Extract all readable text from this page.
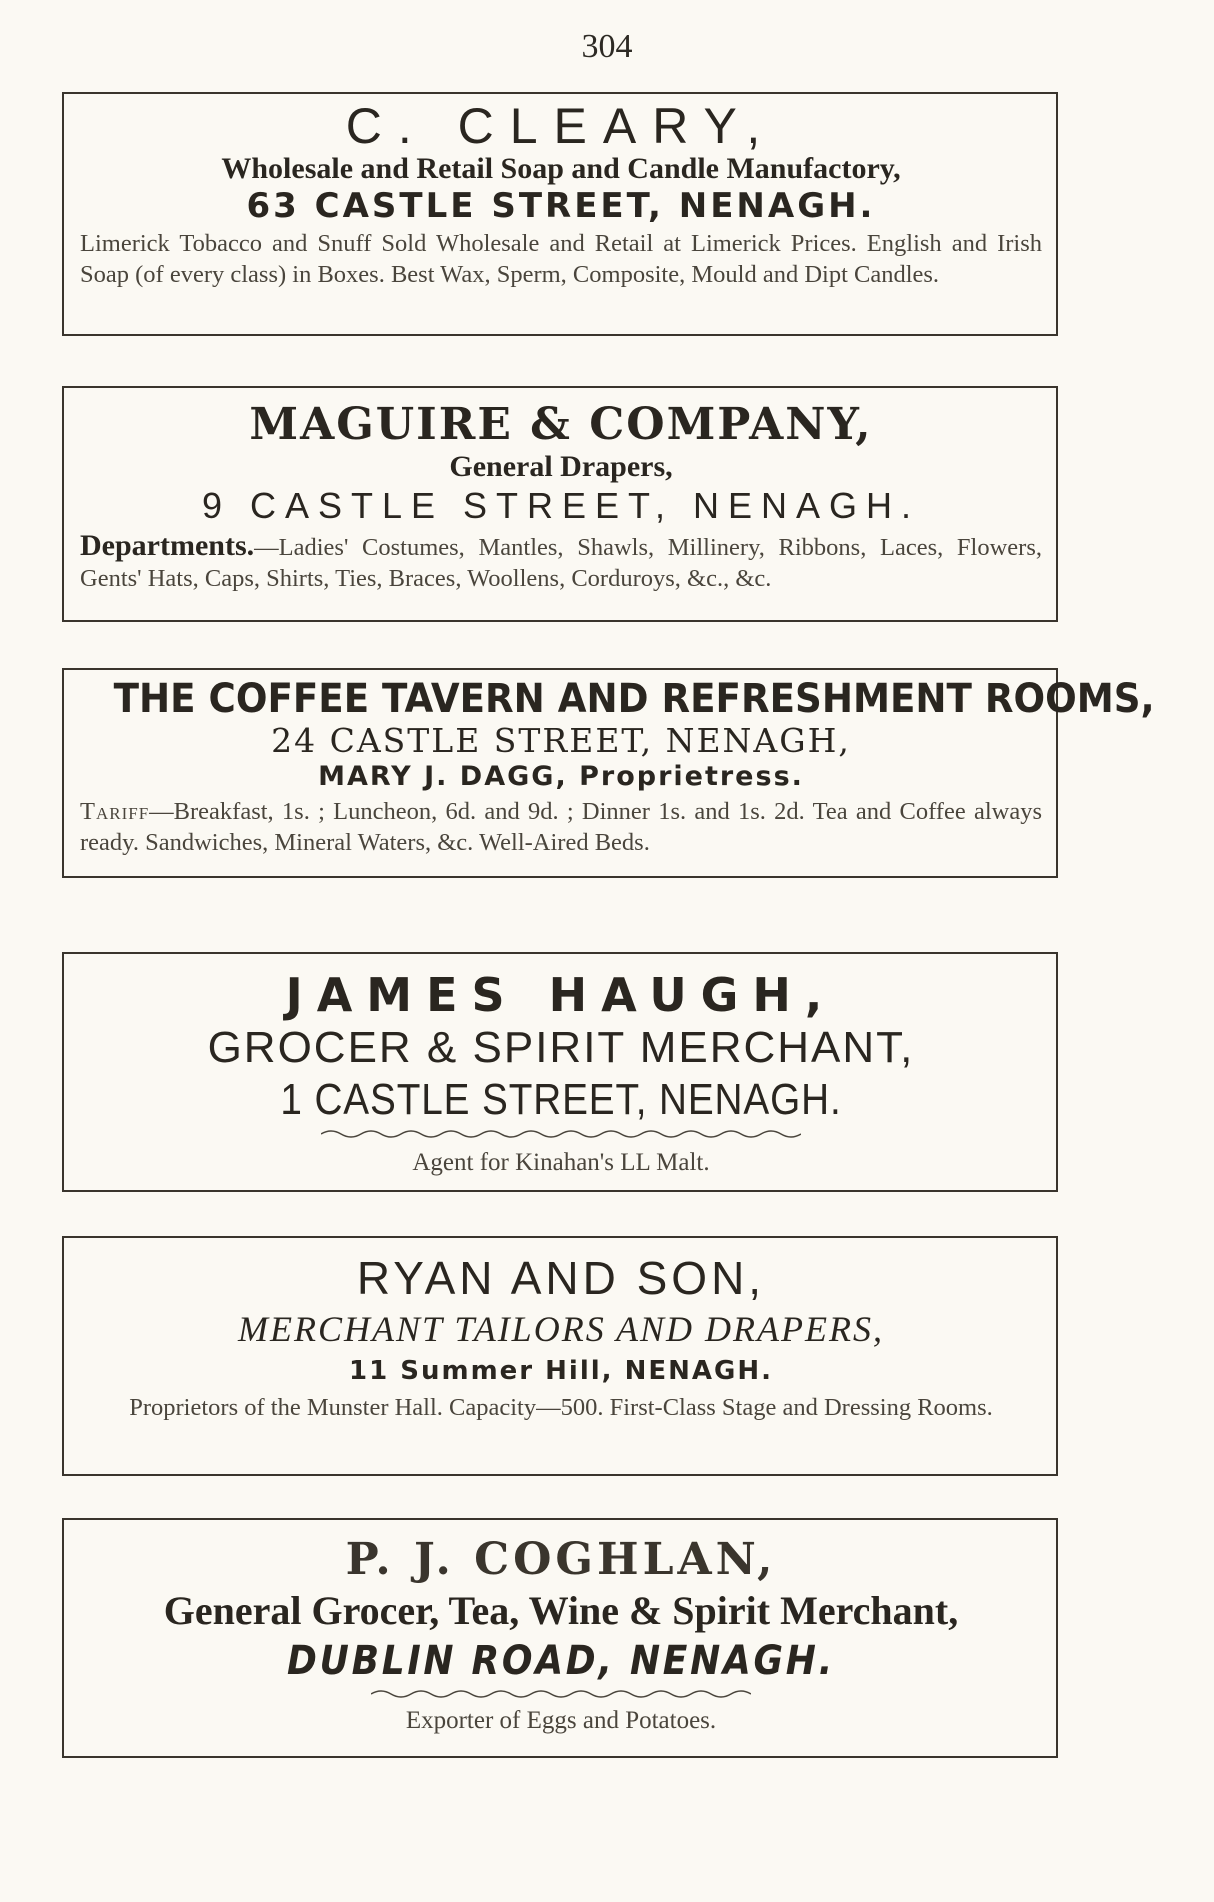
304
C. CLEARY,
Wholesale and Retail Soap and Candle Manufactory,
63 CASTLE STREET, NENAGH.
Limerick Tobacco and Snuff Sold Wholesale and Retail at Limerick Prices. English and Irish Soap (of every class) in Boxes. Best Wax, Sperm, Composite, Mould and Dipt Candles.
MAGUIRE & COMPANY,
General Drapers,
9 CASTLE STREET, NENAGH.
Departments.—Ladies' Costumes, Mantles, Shawls, Millinery, Ribbons, Laces, Flowers, Gents' Hats, Caps, Shirts, Ties, Braces, Woollens, Corduroys, &c., &c.
THE COFFEE TAVERN AND REFRESHMENT ROOMS,
24 CASTLE STREET, NENAGH,
MARY J. DAGG, Proprietress.
Tariff—Breakfast, 1s. ; Luncheon, 6d. and 9d. ; Dinner 1s. and 1s. 2d. Tea and Coffee always ready. Sandwiches, Mineral Waters, &c. Well-Aired Beds.
JAMES HAUGH,
GROCER & SPIRIT MERCHANT,
1 CASTLE STREET, NENAGH.
Agent for Kinahan's LL Malt.
RYAN AND SON,
MERCHANT TAILORS AND DRAPERS,
11 Summer Hill, NENAGH.
Proprietors of the Munster Hall. Capacity—500. First-Class Stage and Dressing Rooms.
P. J. COGHLAN,
General Grocer, Tea, Wine & Spirit Merchant,
DUBLIN ROAD, NENAGH.
Exporter of Eggs and Potatoes.
